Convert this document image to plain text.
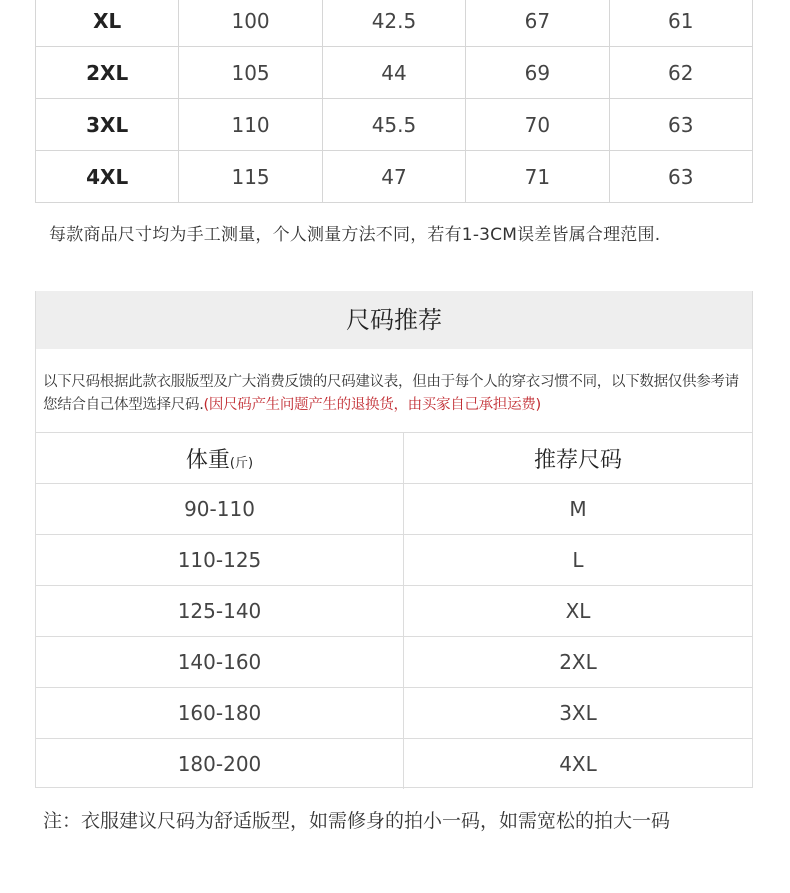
XL	100	42.5	67	61
2XL	105	44	69	62
3XL	110	45.5	70	63
4XL	115	47	71	63
每款商品尺寸均为手工测量，个人测量方法不同，若有1-3CM误差皆属合理范围.
尺码推荐
以下尺码根据此款衣服版型及广大消费反馈的尺码建议表，但由于每个人的穿衣习惯不同，以下数据仅供参考请您结合自己体型选择尺码.(因尺码产生问题产生的退换货，由买家自己承担运费)
体重(斤)	推荐尺码
90-110	M
110-125	L
125-140	XL
140-160	2XL
160-180	3XL
180-200	4XL
注：衣服建议尺码为舒适版型，如需修身的拍小一码，如需宽松的拍大一码
